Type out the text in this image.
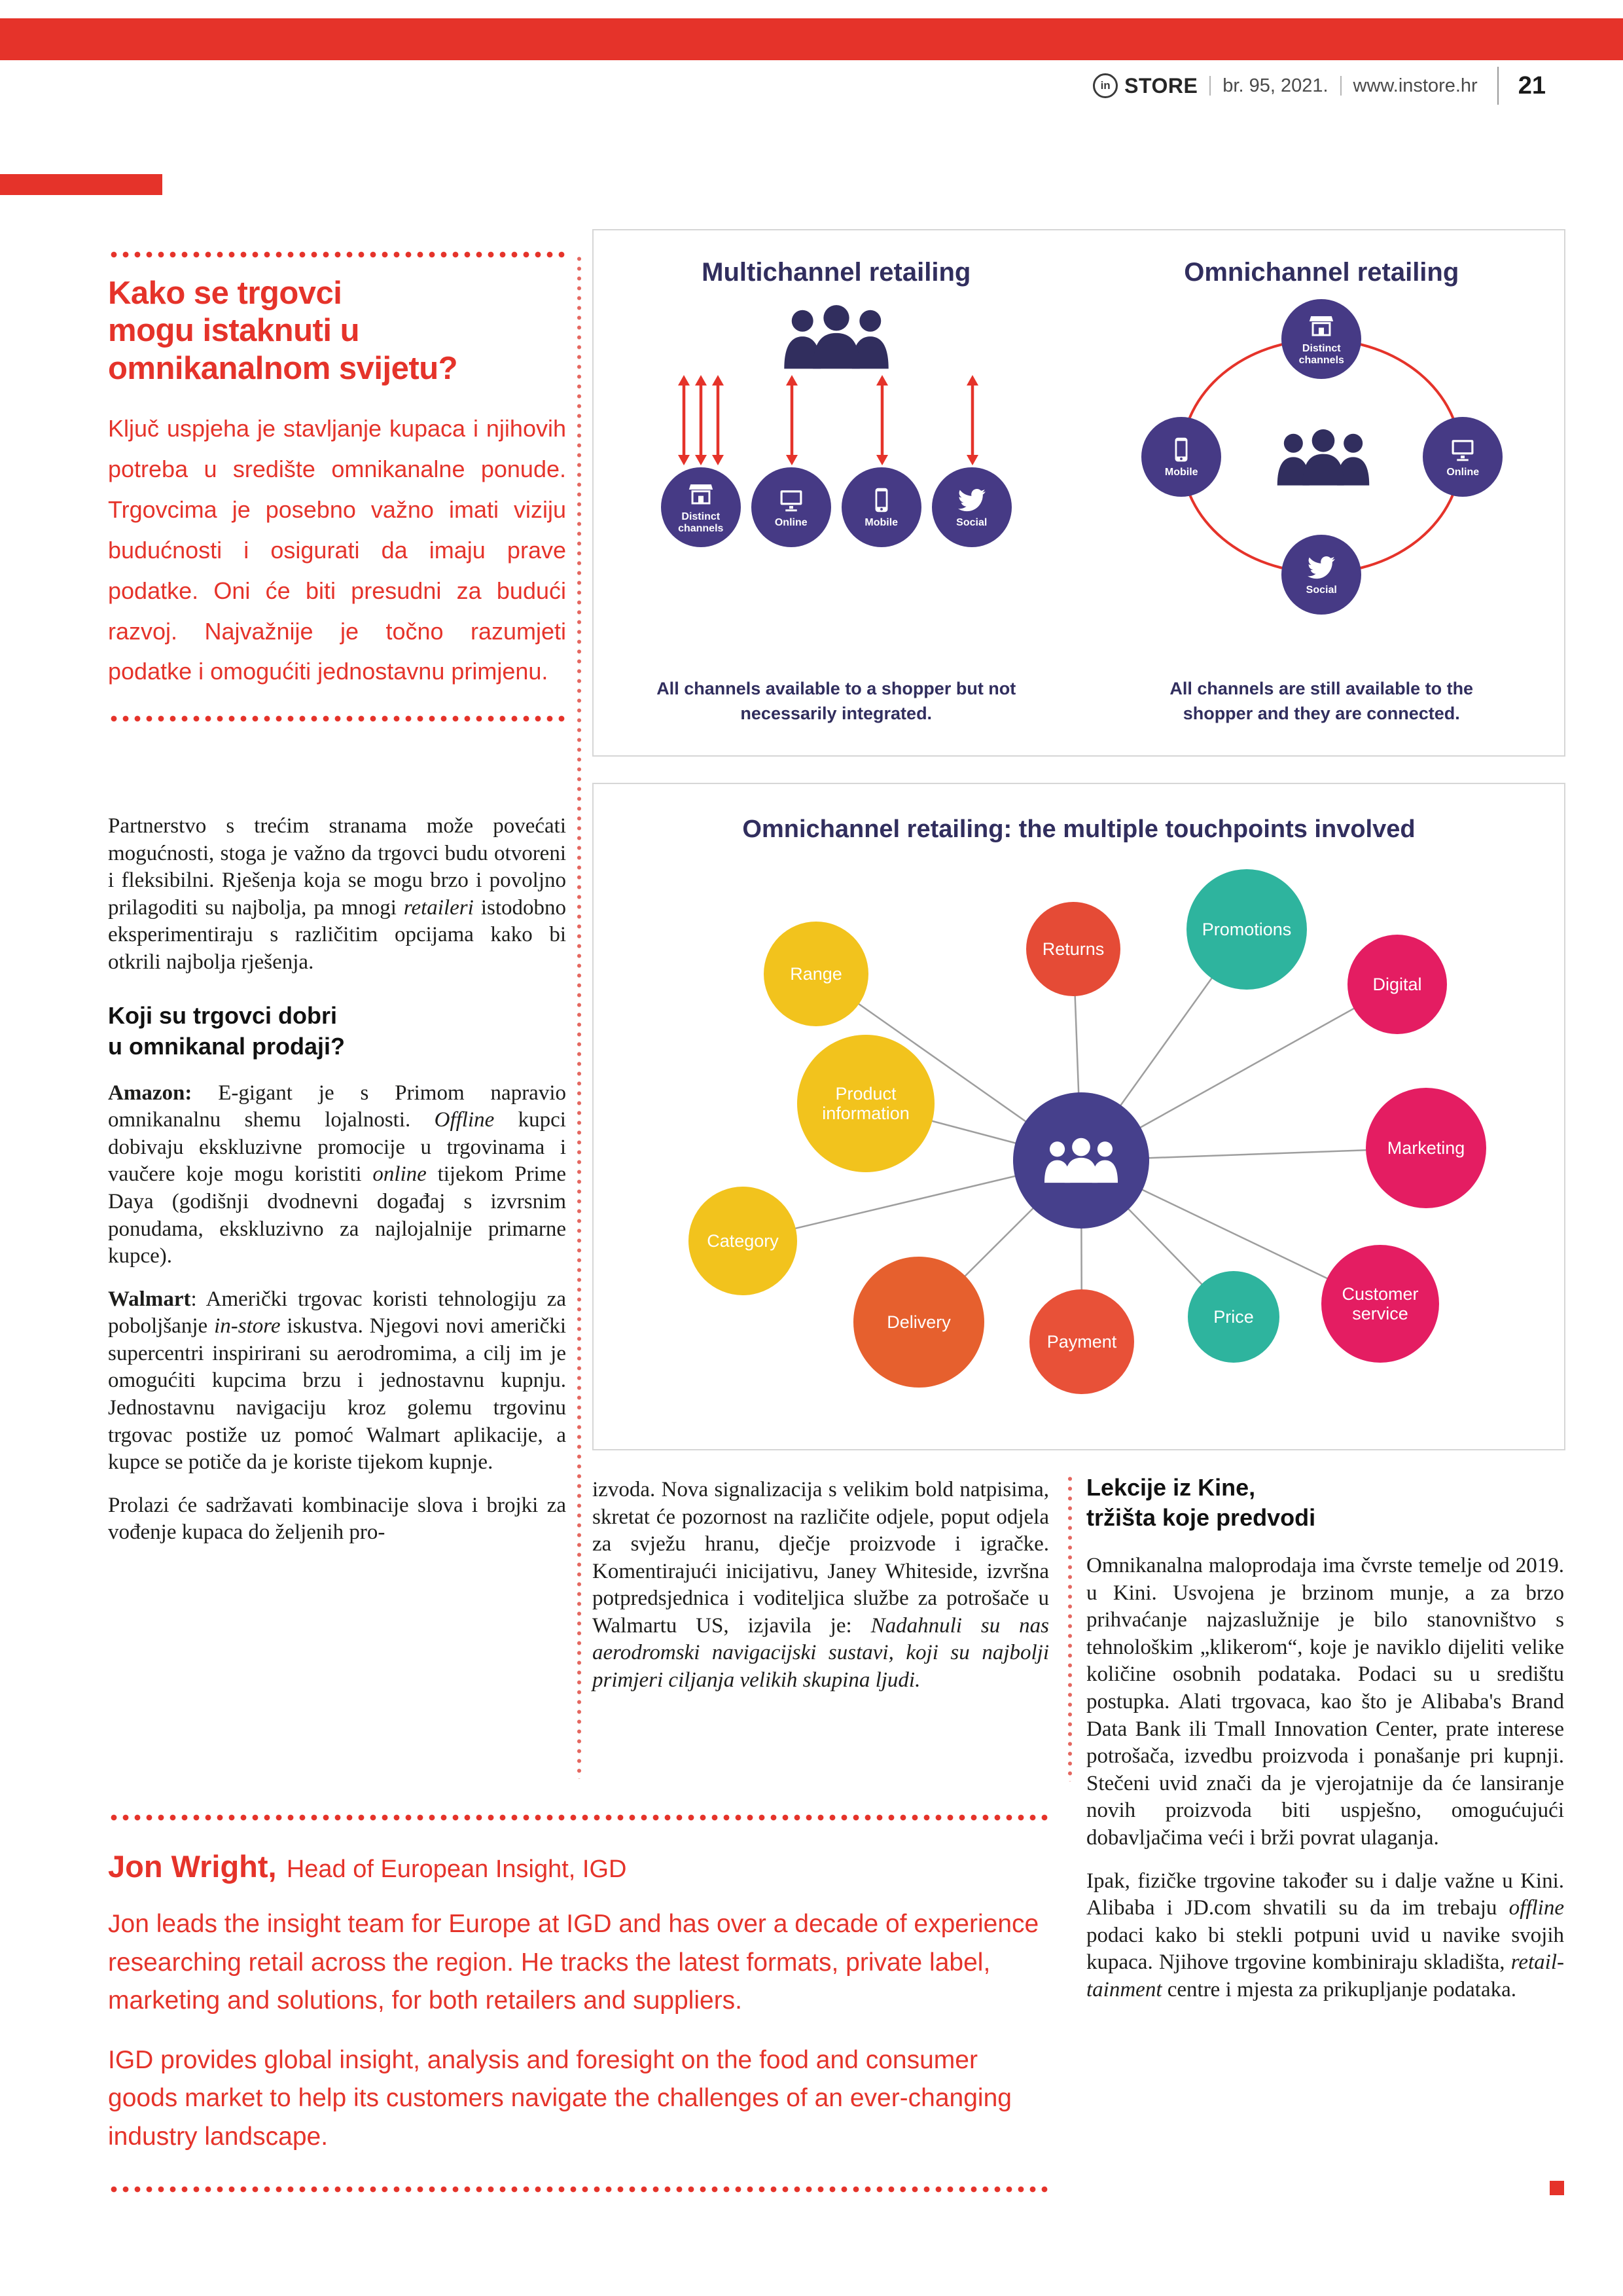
in STORE br. 95, 2021. www.instore.hr 21
Kako se trgovci
mogu istaknuti u
omnikanalnom svijetu?

Ključ uspjeha je stavljanje kupaca i njihovih potreba u središte omnikanalne ponude. Trgovcima je posebno važno imati viziju budućnosti i osigurati da imaju prave podatke. Oni će biti presudni za budući razvoj. Najvažnije je točno razumjeti podatke i omogućiti jednostavnu primjenu.

Partnerstvo s trećim stranama može povećati mogućnosti, stoga je važno da trgovci budu otvoreni i fleksibilni. Rješenja koja se mogu brzo i povoljno prilagoditi su najbolja, pa mnogi retaileri istodobno eksperimentiraju s različitim opcijama kako bi otkrili najbolja rješenja.

Koji su trgovci dobri
u omnikanal prodaji?

Amazon: E-gigant je s Primom napravio omnikanalnu shemu lojalnosti. Offline kupci dobivaju ekskluzivne promocije u trgovinama i vaučere koje mogu koristiti online tijekom Prime Daya (godišnji dvodnevni događaj s izvrsnim ponudama, ekskluzivno za najlojalnije primarne kupce).

Walmart: Američki trgovac koristi tehnologiju za poboljšanje in-store iskustva. Njegovi novi američki supercentri inspirirani su aerodromima, a cilj im je omogućiti kupcima brzu i jednostavnu kupnju. Jednostavnu navigaciju kroz golemu trgovinu trgovac postiže uz pomoć Walmart aplikacije, a kupce se potiče da je koriste tijekom kupnje.

Prolazi će sadržavati kombinacije slova i brojki za vođenje kupaca do željenih pro-

Multichannel retailing
Distinct channels
Online	Mobile	Social
All channels available to a shopper but not necessarily integrated.
Omnichannel retailing
Distinct channels
Mobile	Online
Social
All channels are still available to the shopper and they are connected.
Omnichannel retailing: the multiple touchpoints involved
Range
Returns
Promotions
Digital
Marketing
Customer service
Price
Payment
Delivery
Category
Product information

izvoda. Nova signalizacija s velikim bold natpisima, skretat će pozornost na različite odjele, poput odjela za svježu hranu, dječje proizvode i igračke. Komentirajući inicijativu, Janey Whiteside, izvršna potpredsjednica i voditeljica službe za potrošače u Walmartu US, izjavila je: Nadahnuli su nas aerodromski navigacijski sustavi, koji su najbolji primjeri ciljanja velikih skupina ljudi.

Lekcije iz Kine,
tržišta koje predvodi

Omnikanalna maloprodaja ima čvrste temelje od 2019. u Kini. Usvojena je brzinom munje, a za brzo prihvaćanje najzaslužnije je bilo stanovništvo s tehnološkim „klikerom“, koje je naviklo dijeliti velike količine osobnih podataka. Podaci su u središtu postupka. Alati trgovaca, kao što je Alibaba's Brand Data Bank ili Tmall Innovation Center, prate interese potrošača, izvedbu proizvoda i ponašanje pri kupnji. Stečeni uvid znači da je vjerojatnije da će lansiranje novih proizvoda biti uspješno, omogućujući dobavljačima veći i brži povrat ulaganja.

Ipak, fizičke trgovine također su i dalje važne u Kini. Alibaba i JD.com shvatili su da im trebaju offline podaci kako bi stekli potpuni uvid u navike svojih kupaca. Njihove trgovine kombiniraju skladišta, retail-tainment centre i mjesta za prikupljanje podataka.

Jon Wright, Head of European Insight, IGD

Jon leads the insight team for Europe at IGD and has over a decade of experience researching retail across the region. He tracks the latest formats, private label, marketing and solutions, for both retailers and suppliers.

IGD provides global insight, analysis and foresight on the food and consumer goods market to help its customers navigate the challenges of an ever-changing industry landscape.
